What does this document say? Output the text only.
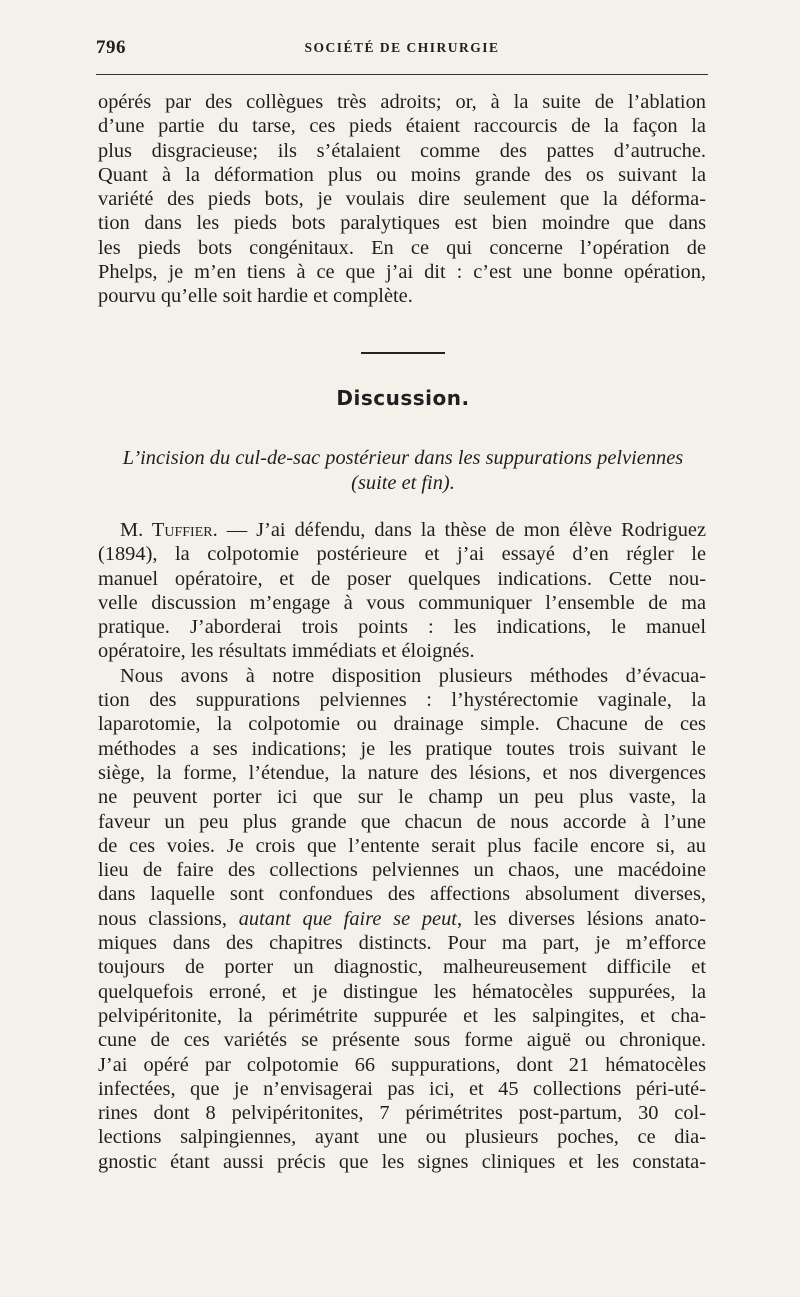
796	SOCIÉTÉ DE CHIRURGIE

opérés par des collègues très adroits; or, à la suite de l’ablation

d’une partie du tarse, ces pieds étaient raccourcis de la façon la

plus disgracieuse; ils s’étalaient comme des pattes d’autruche.

Quant à la déformation plus ou moins grande des os suivant la

variété des pieds bots, je voulais dire seulement que la déforma-

tion dans les pieds bots paralytiques est bien moindre que dans

les pieds bots congénitaux. En ce qui concerne l’opération de

Phelps, je m’en tiens à ce que j’ai dit : c’est une bonne opération,

pourvu qu’elle soit hardie et complète.

Discussion.
L’incision du cul-de-sac postérieur dans les suppurations pelviennes
(suite et fin).

M. Tuffier. — J’ai défendu, dans la thèse de mon élève Rodriguez

(1894), la colpotomie postérieure et j’ai essayé d’en régler le

manuel opératoire, et de poser quelques indications. Cette nou-

velle discussion m’engage à vous communiquer l’ensemble de ma

pratique. J’aborderai trois points : les indications, le manuel

opératoire, les résultats immédiats et éloignés.

Nous avons à notre disposition plusieurs méthodes d’évacua-

tion des suppurations pelviennes : l’hystérectomie vaginale, la

laparotomie, la colpotomie ou drainage simple. Chacune de ces

méthodes a ses indications; je les pratique toutes trois suivant le

siège, la forme, l’étendue, la nature des lésions, et nos divergences

ne peuvent porter ici que sur le champ un peu plus vaste, la

faveur un peu plus grande que chacun de nous accorde à l’une

de ces voies. Je crois que l’entente serait plus facile encore si, au

lieu de faire des collections pelviennes un chaos, une macédoine

dans laquelle sont confondues des affections absolument diverses,

nous classions, autant que faire se peut, les diverses lésions anato-

miques dans des chapitres distincts. Pour ma part, je m’efforce

toujours de porter un diagnostic, malheureusement difficile et

quelquefois erroné, et je distingue les hématocèles suppurées, la

pelvipéritonite, la périmétrite suppurée et les salpingites, et cha-

cune de ces variétés se présente sous forme aiguë ou chronique.

J’ai opéré par colpotomie 66 suppurations, dont 21 hématocèles

infectées, que je n’envisagerai pas ici, et 45 collections péri-uté-

rines dont 8 pelvipéritonites, 7 périmétrites post-partum, 30 col-

lections salpingiennes, ayant une ou plusieurs poches, ce dia-

gnostic étant aussi précis que les signes cliniques et les constata-
